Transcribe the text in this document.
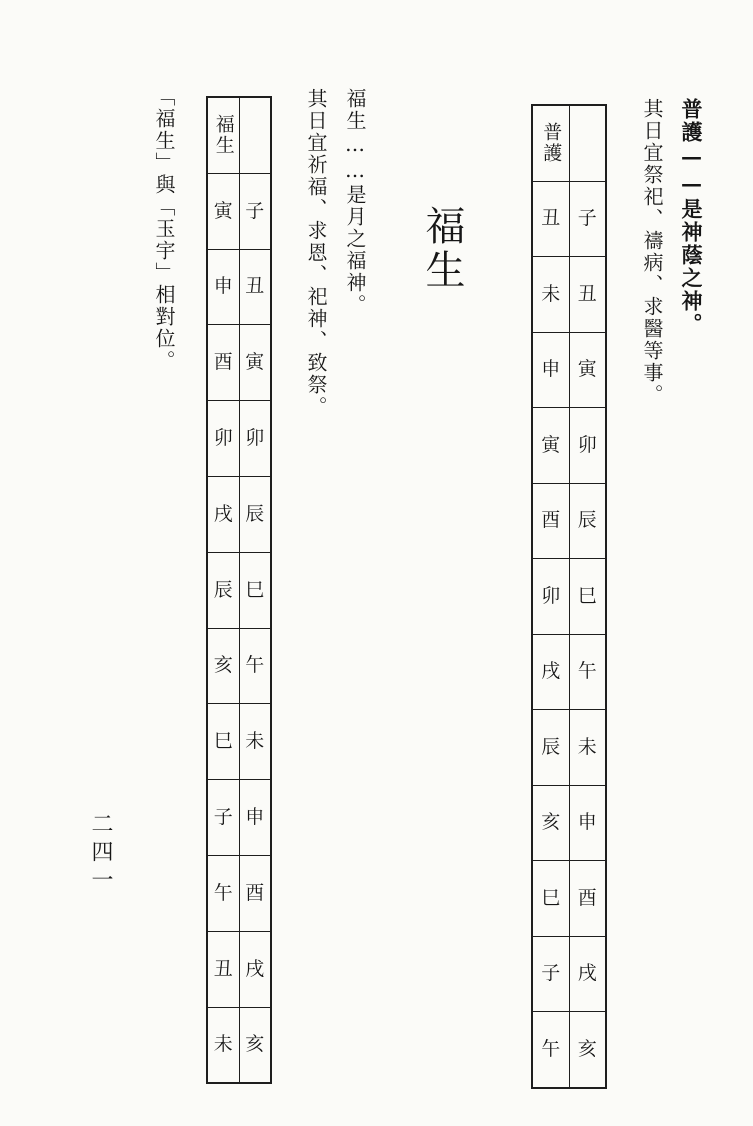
普護——是神蔭之神。
其日宜祭祀、禱病、求醫等事。
普護	
丑	子
未	丑
申	寅
寅	卯
酉	辰
卯	巳
戌	午
辰	未
亥	申
巳	酉
子	戌
午	亥
福生
福生……是月之福神。
其日宜祈福、求恩、祀神、致祭。
福生	
寅	子
申	丑
酉	寅
卯	卯
戌	辰
辰	巳
亥	午
巳	未
子	申
午	酉
丑	戌
未	亥
「福生」與「玉宇」相對位。
二四一
